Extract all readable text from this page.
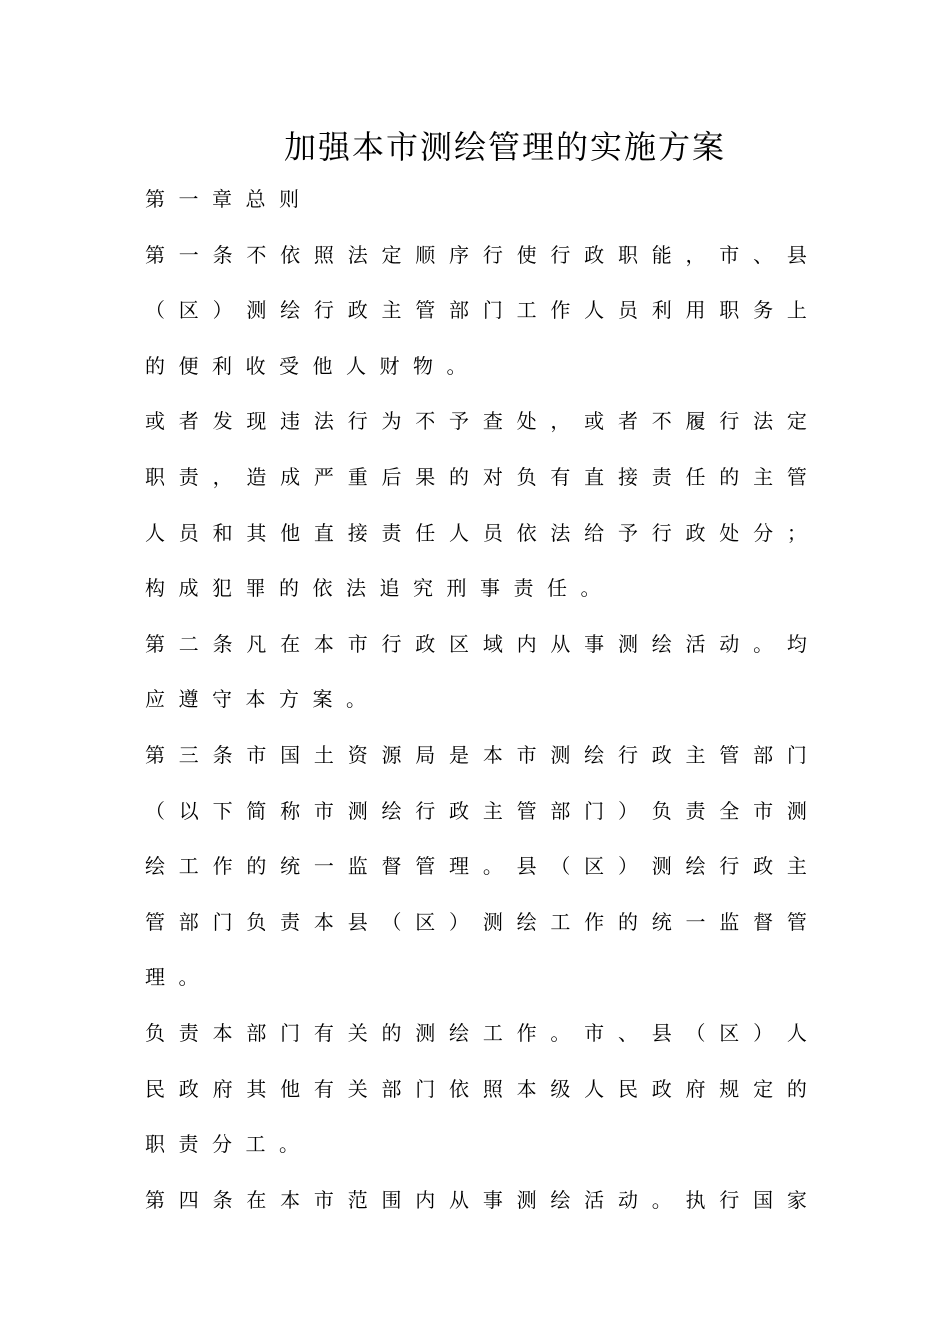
加强本市测绘管理的实施方案
第 一 章 总 则
第 一 条 不 依 照 法 定 顺 序 行 使 行 政 职 能 ， 市 、 县
（ 区 ） 测 绘 行 政 主 管 部 门 工 作 人 员 利 用 职 务 上
的 便 利 收 受 他 人 财 物 。
或 者 发 现 违 法 行 为 不 予 查 处 ， 或 者 不 履 行 法 定
职 责 ， 造 成 严 重 后 果 的 对 负 有 直 接 责 任 的 主 管
人 员 和 其 他 直 接 责 任 人 员 依 法 给 予 行 政 处 分 ；
构 成 犯 罪 的 依 法 追 究 刑 事 责 任 。
第 二 条 凡 在 本 市 行 政 区 域 内 从 事 测 绘 活 动 。 均
应 遵 守 本 方 案 。
第 三 条 市 国 土 资 源 局 是 本 市 测 绘 行 政 主 管 部 门
（ 以 下 简 称 市 测 绘 行 政 主 管 部 门 ） 负 责 全 市 测
绘 工 作 的 统 一 监 督 管 理 。 县 （ 区 ） 测 绘 行 政 主
管 部 门 负 责 本 县 （ 区 ） 测 绘 工 作 的 统 一 监 督 管
理 。
负 责 本 部 门 有 关 的 测 绘 工 作 。 市 、 县 （ 区 ） 人
民 政 府 其 他 有 关 部 门 依 照 本 级 人 民 政 府 规 定 的
职 责 分 工 。
第 四 条 在 本 市 范 围 内 从 事 测 绘 活 动 。 执 行 国 家
